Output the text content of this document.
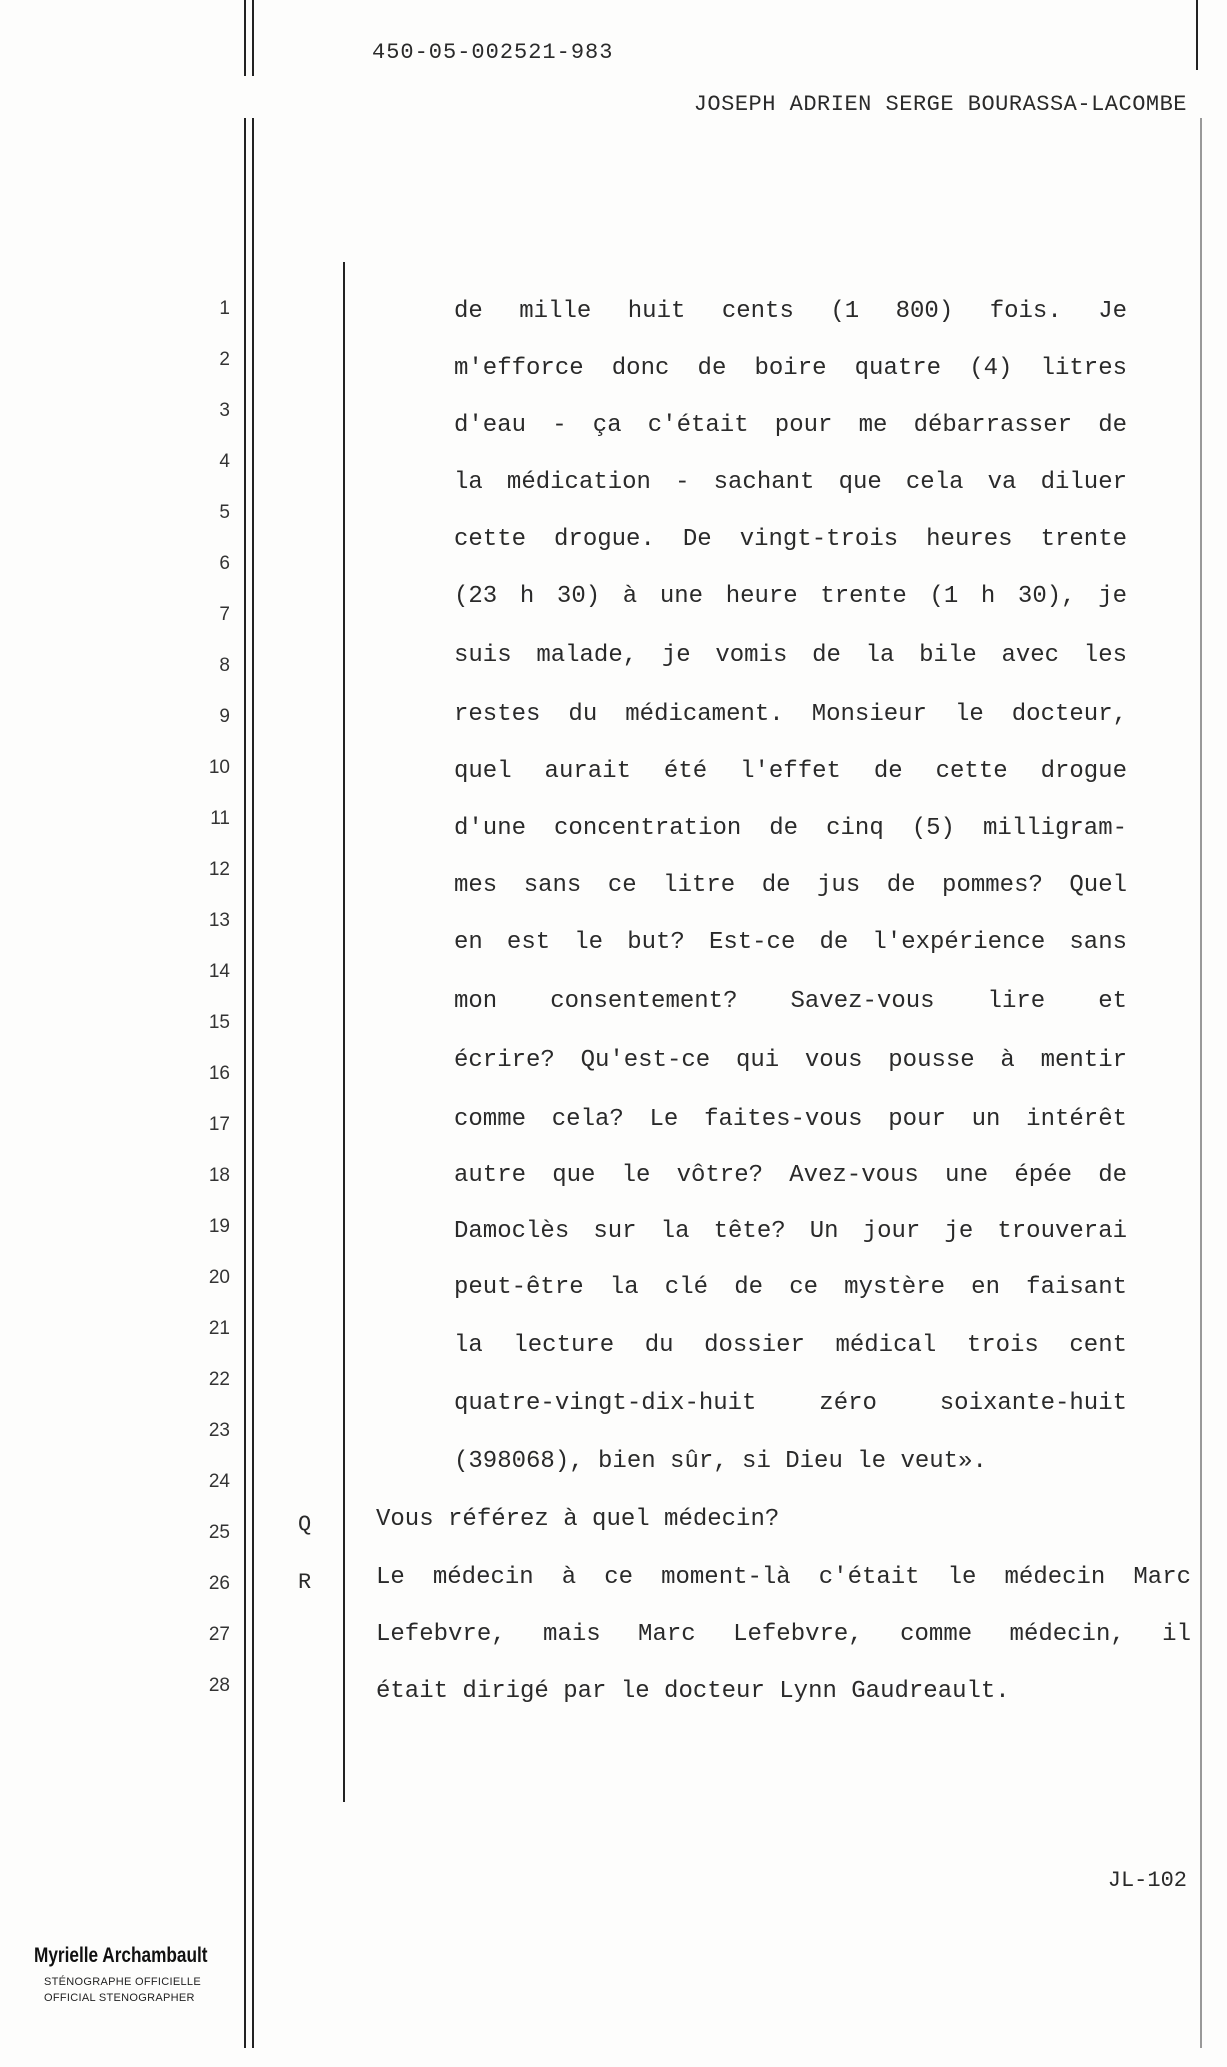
450-05-002521-983
JOSEPH ADRIEN SERGE BOURASSA-LACOMBE
1
2
3
4
5
6
7
8
9
10
11
12
13
14
15
16
17
18
19
20
21
22
23
24
25
26
27
28
de mille huit cents (1 800) fois. Je
m'efforce donc de boire quatre (4) litres
d'eau - ça c'était pour me débarrasser de
la médication - sachant que cela va diluer
cette drogue. De vingt-trois heures trente
(23 h 30) à une heure trente (1 h 30), je
suis malade, je vomis de la bile avec les
restes du médicament. Monsieur le docteur,
quel aurait été l'effet de cette drogue
d'une concentration de cinq (5) milligram-
mes sans ce litre de jus de pommes? Quel
en est le but? Est-ce de l'expérience sans
mon consentement? Savez-vous lire et
écrire? Qu'est-ce qui vous pousse à mentir
comme cela? Le faites-vous pour un intérêt
autre que le vôtre? Avez-vous une épée de
Damoclès sur la tête? Un jour je trouverai
peut-être la clé de ce mystère en faisant
la lecture du dossier médical trois cent
quatre-vingt-dix-huit zéro soixante-huit
(398068), bien sûr, si Dieu le veut».
Q	Vous référez à quel médecin?
R	Le médecin à ce moment-là c'était le médecin Marc
Lefebvre, mais Marc Lefebvre, comme médecin, il
était dirigé par le docteur Lynn Gaudreault.
JL-102
Myrielle Archambault
STÉNOGRAPHE OFFICIELLE
OFFICIAL STENOGRAPHER
